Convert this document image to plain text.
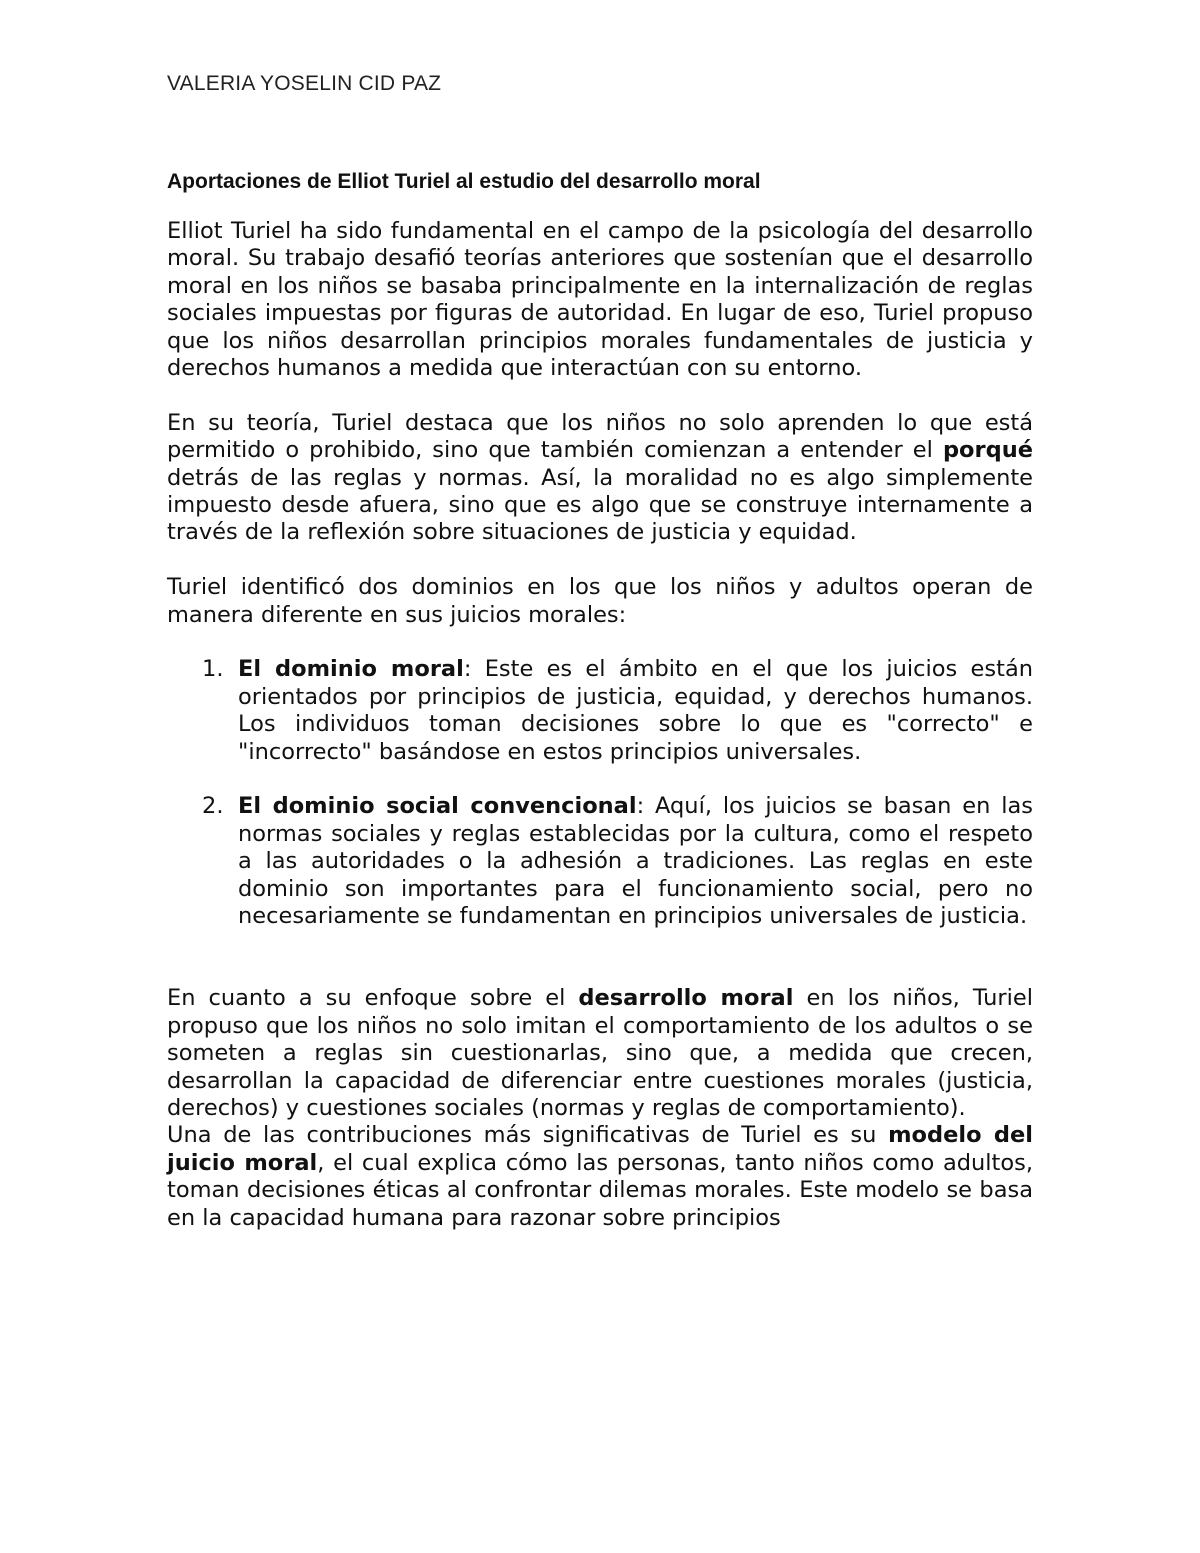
VALERIA YOSELIN CID PAZ
Aportaciones de Elliot Turiel al estudio del desarrollo moral

Elliot Turiel ha sido fundamental en el campo de la psicología del desarrollo moral. Su trabajo desafió teorías anteriores que sostenían que el desarrollo moral en los niños se basaba principalmente en la internalización de reglas sociales impuestas por figuras de autoridad. En lugar de eso, Turiel propuso que los niños desarrollan principios morales fundamentales de justicia y derechos humanos a medida que interactúan con su entorno.

En su teoría, Turiel destaca que los niños no solo aprenden lo que está permitido o prohibido, sino que también comienzan a entender el porqué detrás de las reglas y normas. Así, la moralidad no es algo simplemente impuesto desde afuera, sino que es algo que se construye internamente a través de la reflexión sobre situaciones de justicia y equidad.

Turiel identificó dos dominios en los que los niños y adultos operan de manera diferente en sus juicios morales:

1. El dominio moral: Este es el ámbito en el que los juicios están orientados por principios de justicia, equidad, y derechos humanos. Los individuos toman decisiones sobre lo que es "correcto" e "incorrecto" basándose en estos principios universales.
2. El dominio social convencional: Aquí, los juicios se basan en las normas sociales y reglas establecidas por la cultura, como el respeto a las autoridades o la adhesión a tradiciones. Las reglas en este dominio son importantes para el funcionamiento social, pero no necesariamente se fundamentan en principios universales de justicia.

En cuanto a su enfoque sobre el desarrollo moral en los niños, Turiel propuso que los niños no solo imitan el comportamiento de los adultos o se someten a reglas sin cuestionarlas, sino que, a medida que crecen, desarrollan la capacidad de diferenciar entre cuestiones morales (justicia, derechos) y cuestiones sociales (normas y reglas de comportamiento).

Una de las contribuciones más significativas de Turiel es su modelo del juicio moral, el cual explica cómo las personas, tanto niños como adultos, toman decisiones éticas al confrontar dilemas morales. Este modelo se basa en la capacidad humana para razonar sobre principios
